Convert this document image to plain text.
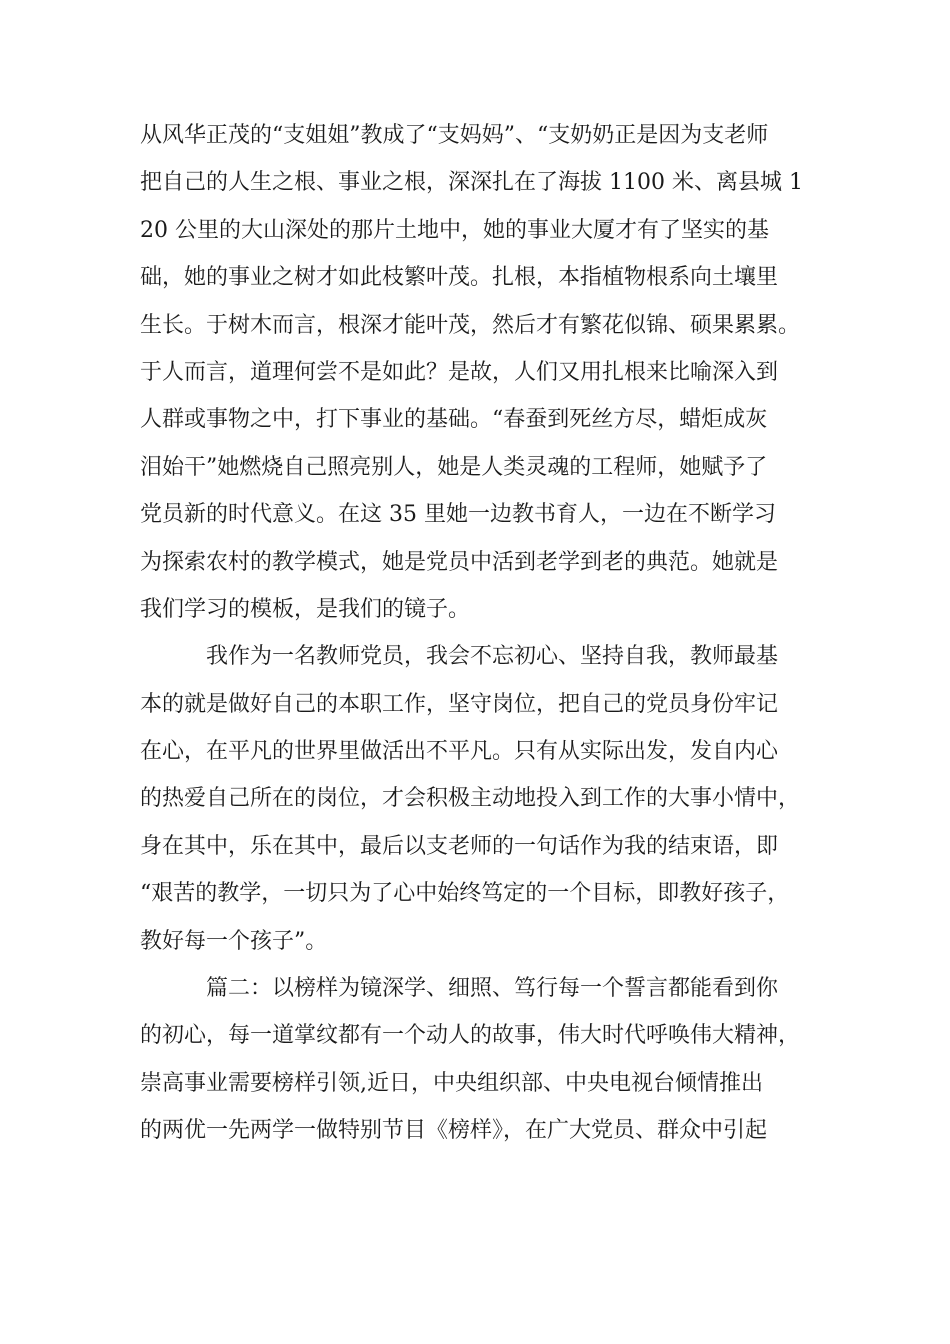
从风华正茂的“支姐姐”教成了“支妈妈”、“支奶奶正是因为支老师
把自己的人生之根、事业之根，深深扎在了海拔 1100 米、离县城 1
20 公里的大山深处的那片土地中，她的事业大厦才有了坚实的基
础，她的事业之树才如此枝繁叶茂。扎根，本指植物根系向土壤里
生长。于树木而言，根深才能叶茂，然后才有繁花似锦、硕果累累。
于人而言，道理何尝不是如此？是故，人们又用扎根来比喻深入到
人群或事物之中，打下事业的基础。“春蚕到死丝方尽，蜡炬成灰
泪始干”她燃烧自己照亮别人，她是人类灵魂的工程师，她赋予了
党员新的时代意义。在这 35 里她一边教书育人，一边在不断学习
为探索农村的教学模式，她是党员中活到老学到老的典范。她就是
我们学习的模板，是我们的镜子。
我作为一名教师党员，我会不忘初心、坚持自我，教师最基
本的就是做好自己的本职工作，坚守岗位，把自己的党员身份牢记
在心，在平凡的世界里做活出不平凡。只有从实际出发，发自内心
的热爱自己所在的岗位，才会积极主动地投入到工作的大事小情中，
身在其中，乐在其中，最后以支老师的一句话作为我的结束语，即
“艰苦的教学，一切只为了心中始终笃定的一个目标，即教好孩子，
教好每一个孩子”。
篇二：以榜样为镜深学、细照、笃行每一个誓言都能看到你
的初心，每一道掌纹都有一个动人的故事，伟大时代呼唤伟大精神，
崇高事业需要榜样引领,近日，中央组织部、中央电视台倾情推出
的两优一先两学一做特别节目《榜样》，在广大党员、群众中引起
